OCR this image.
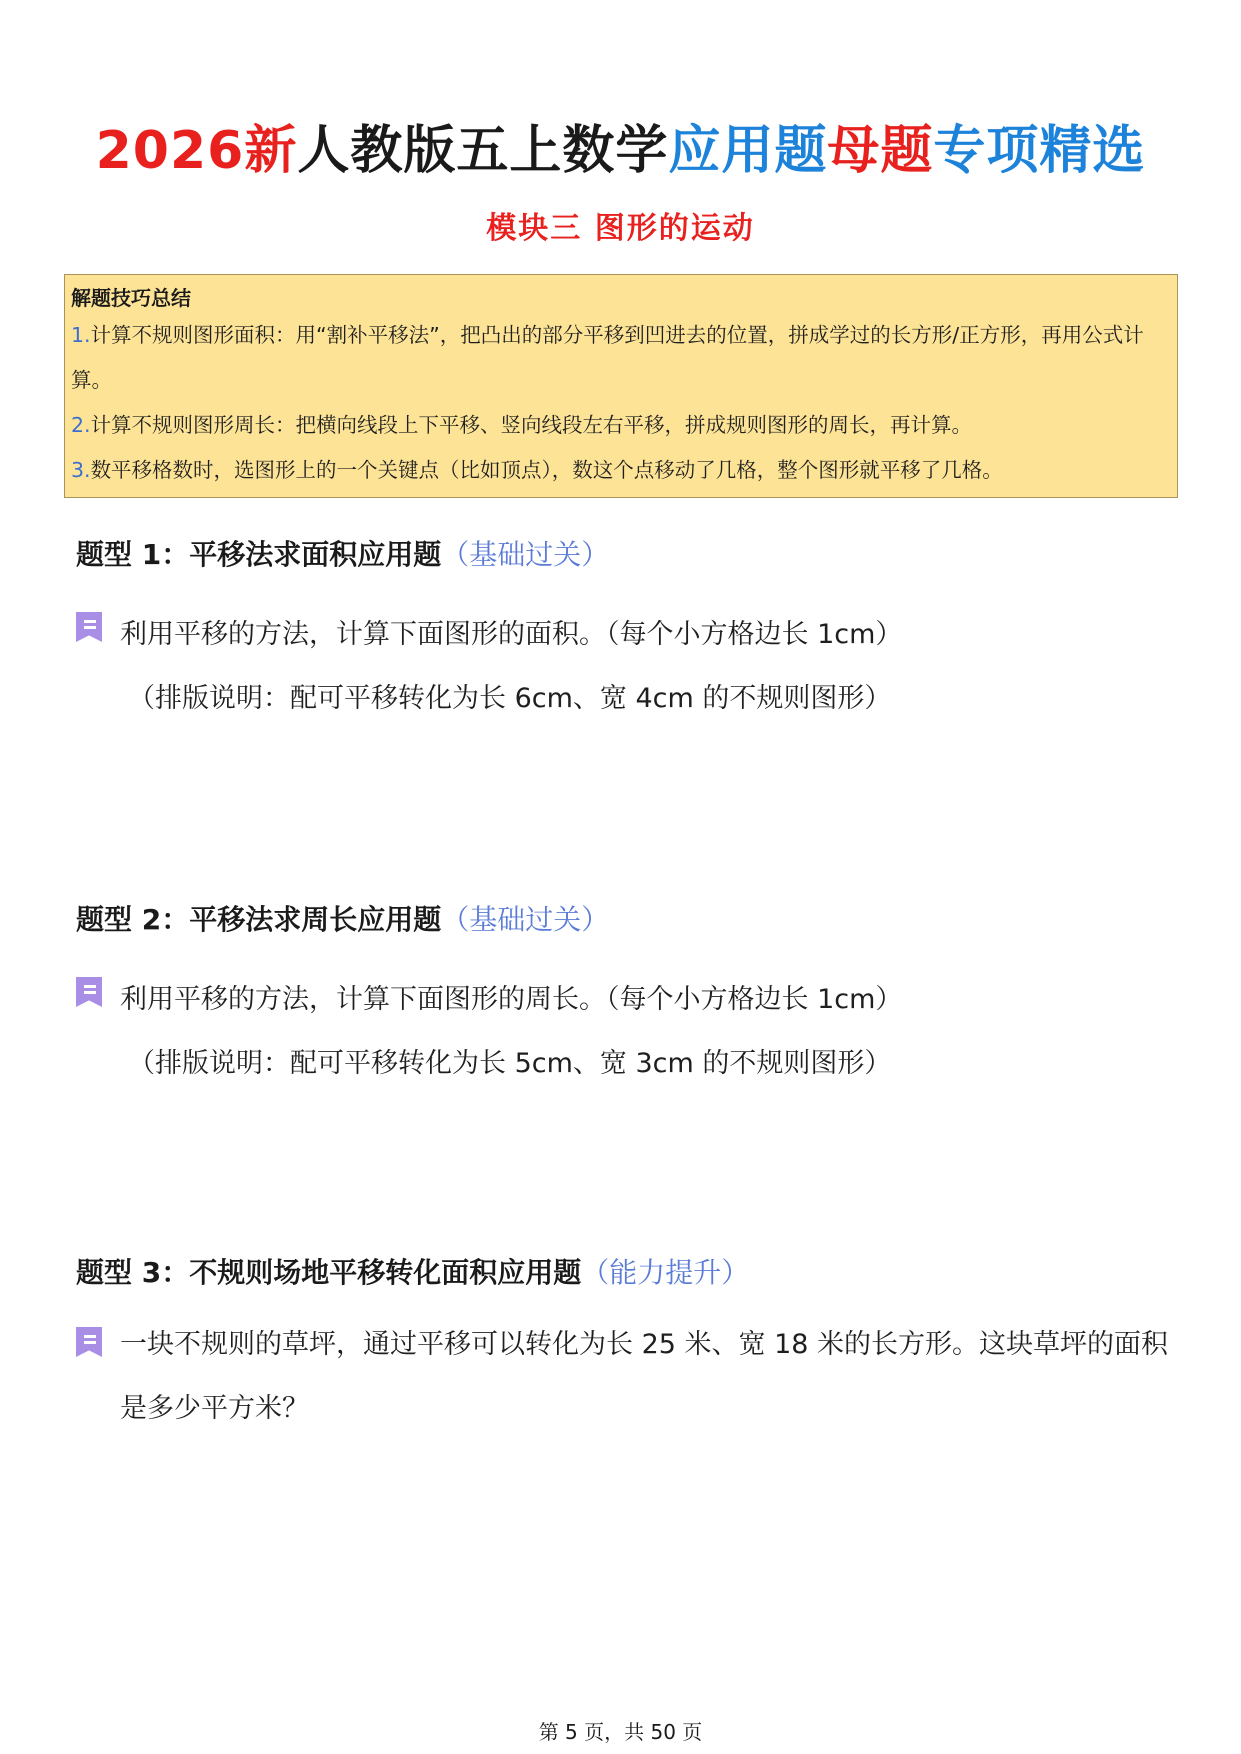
2026新人教版五上数学应用题母题专项精选
模块三 图形的运动
解题技巧总结
1.计算不规则图形面积：用“割补平移法”，把凸出的部分平移到凹进去的位置，拼成学过的长方形/正方形，再用公式计算。
2.计算不规则图形周长：把横向线段上下平移、竖向线段左右平移，拼成规则图形的周长，再计算。
3.数平移格数时，选图形上的一个关键点（比如顶点），数这个点移动了几格，整个图形就平移了几格。
题型 1：平移法求面积应用题（基础过关）
利用平移的方法，计算下面图形的面积。（每个小方格边长 1cm）
（排版说明：配可平移转化为长 6cm、宽 4cm 的不规则图形）
题型 2：平移法求周长应用题（基础过关）
利用平移的方法，计算下面图形的周长。（每个小方格边长 1cm）
（排版说明：配可平移转化为长 5cm、宽 3cm 的不规则图形）
题型 3：不规则场地平移转化面积应用题（能力提升）
一块不规则的草坪，通过平移可以转化为长 25 米、宽 18 米的长方形。这块草坪的面积是多少平方米？
第 5 页，共 50 页
